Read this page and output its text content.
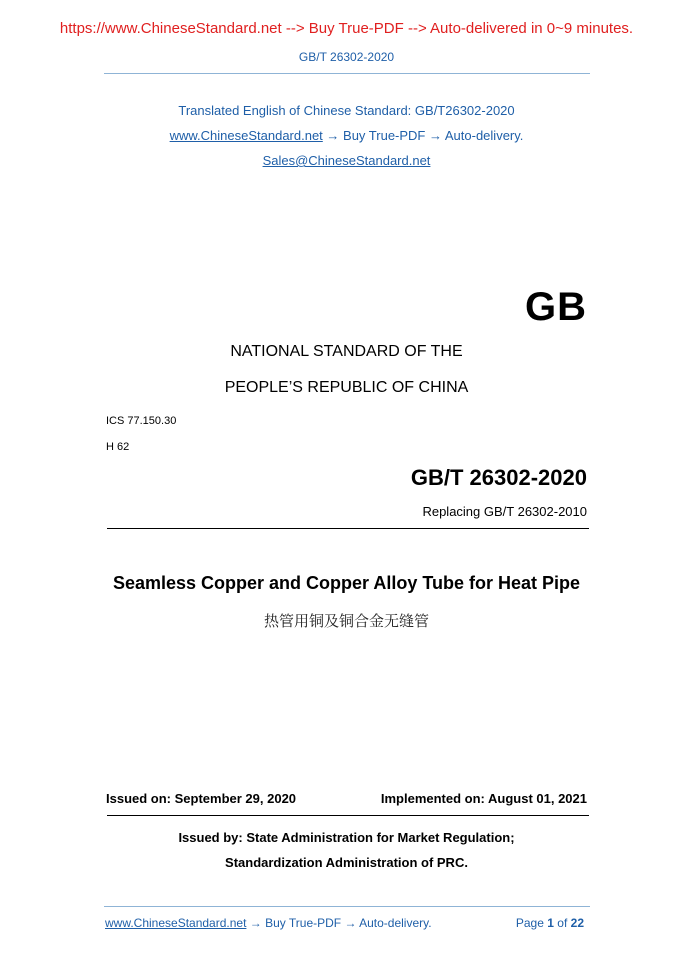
https://www.ChineseStandard.net --> Buy True-PDF --> Auto-delivered in 0~9 minutes.
GB/T 26302-2020
Translated English of Chinese Standard: GB/T26302-2020
www.ChineseStandard.net → Buy True-PDF → Auto-delivery.
Sales@ChineseStandard.net
GB
NATIONAL STANDARD OF THE
PEOPLE’S REPUBLIC OF CHINA
ICS 77.150.30
H 62
GB/T 26302-2020
Replacing GB/T 26302-2010
Seamless Copper and Copper Alloy Tube for Heat Pipe
热管用铜及铜合金无缝管
Issued on: September 29, 2020	Implemented on: August 01, 2021
Issued by: State Administration for Market Regulation;
Standardization Administration of PRC.
www.ChineseStandard.net → Buy True-PDF → Auto-delivery.	Page 1 of 22
